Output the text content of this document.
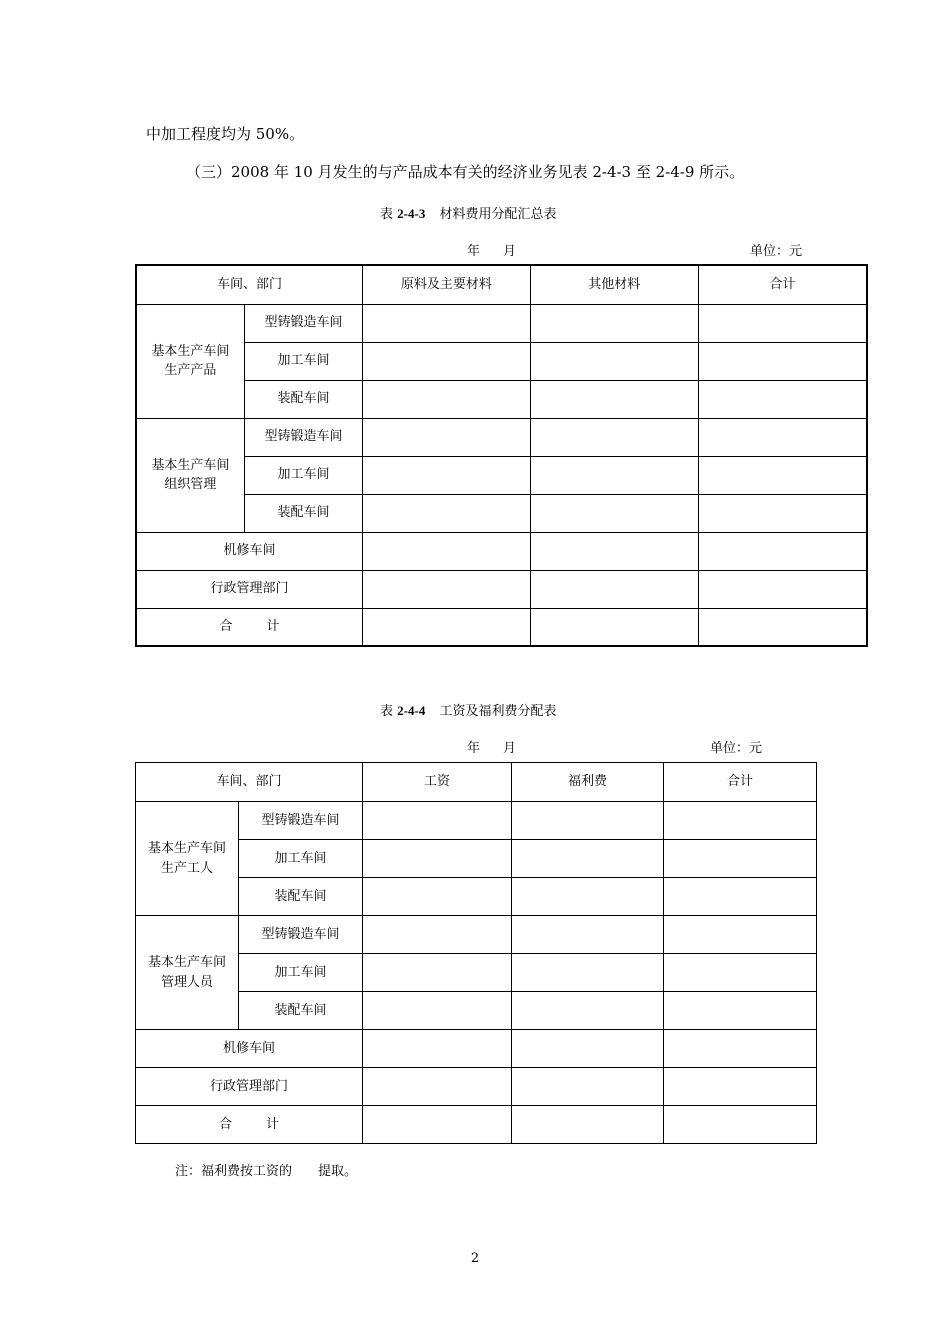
中加工程度均为 50%。
（三）2008 年 10 月发生的与产品成本有关的经济业务见表 2-4-3 至 2-4-9 所示。
表 2-4-3 材料费用分配汇总表
年 月	单位：元
车间、部门		原料及主要材料	其他材料	合计
基本生产车间
生产产品	型铸锻造车间			
	加工车间			
	装配车间			
基本生产车间
组织管理	型铸锻造车间			
	加工车间			
	装配车间			
机修车间				
行政管理部门				
合 计				
表 2-4-4 工资及福利费分配表
年 月	单位：元
车间、部门		工资	福利费	合计
基本生产车间
生产工人	型铸锻造车间			
	加工车间			
	装配车间			
基本生产车间
管理人员	型铸锻造车间			
	加工车间			
	装配车间			
机修车间				
行政管理部门				
合 计				
注：福利费按工资的 提取。
2
